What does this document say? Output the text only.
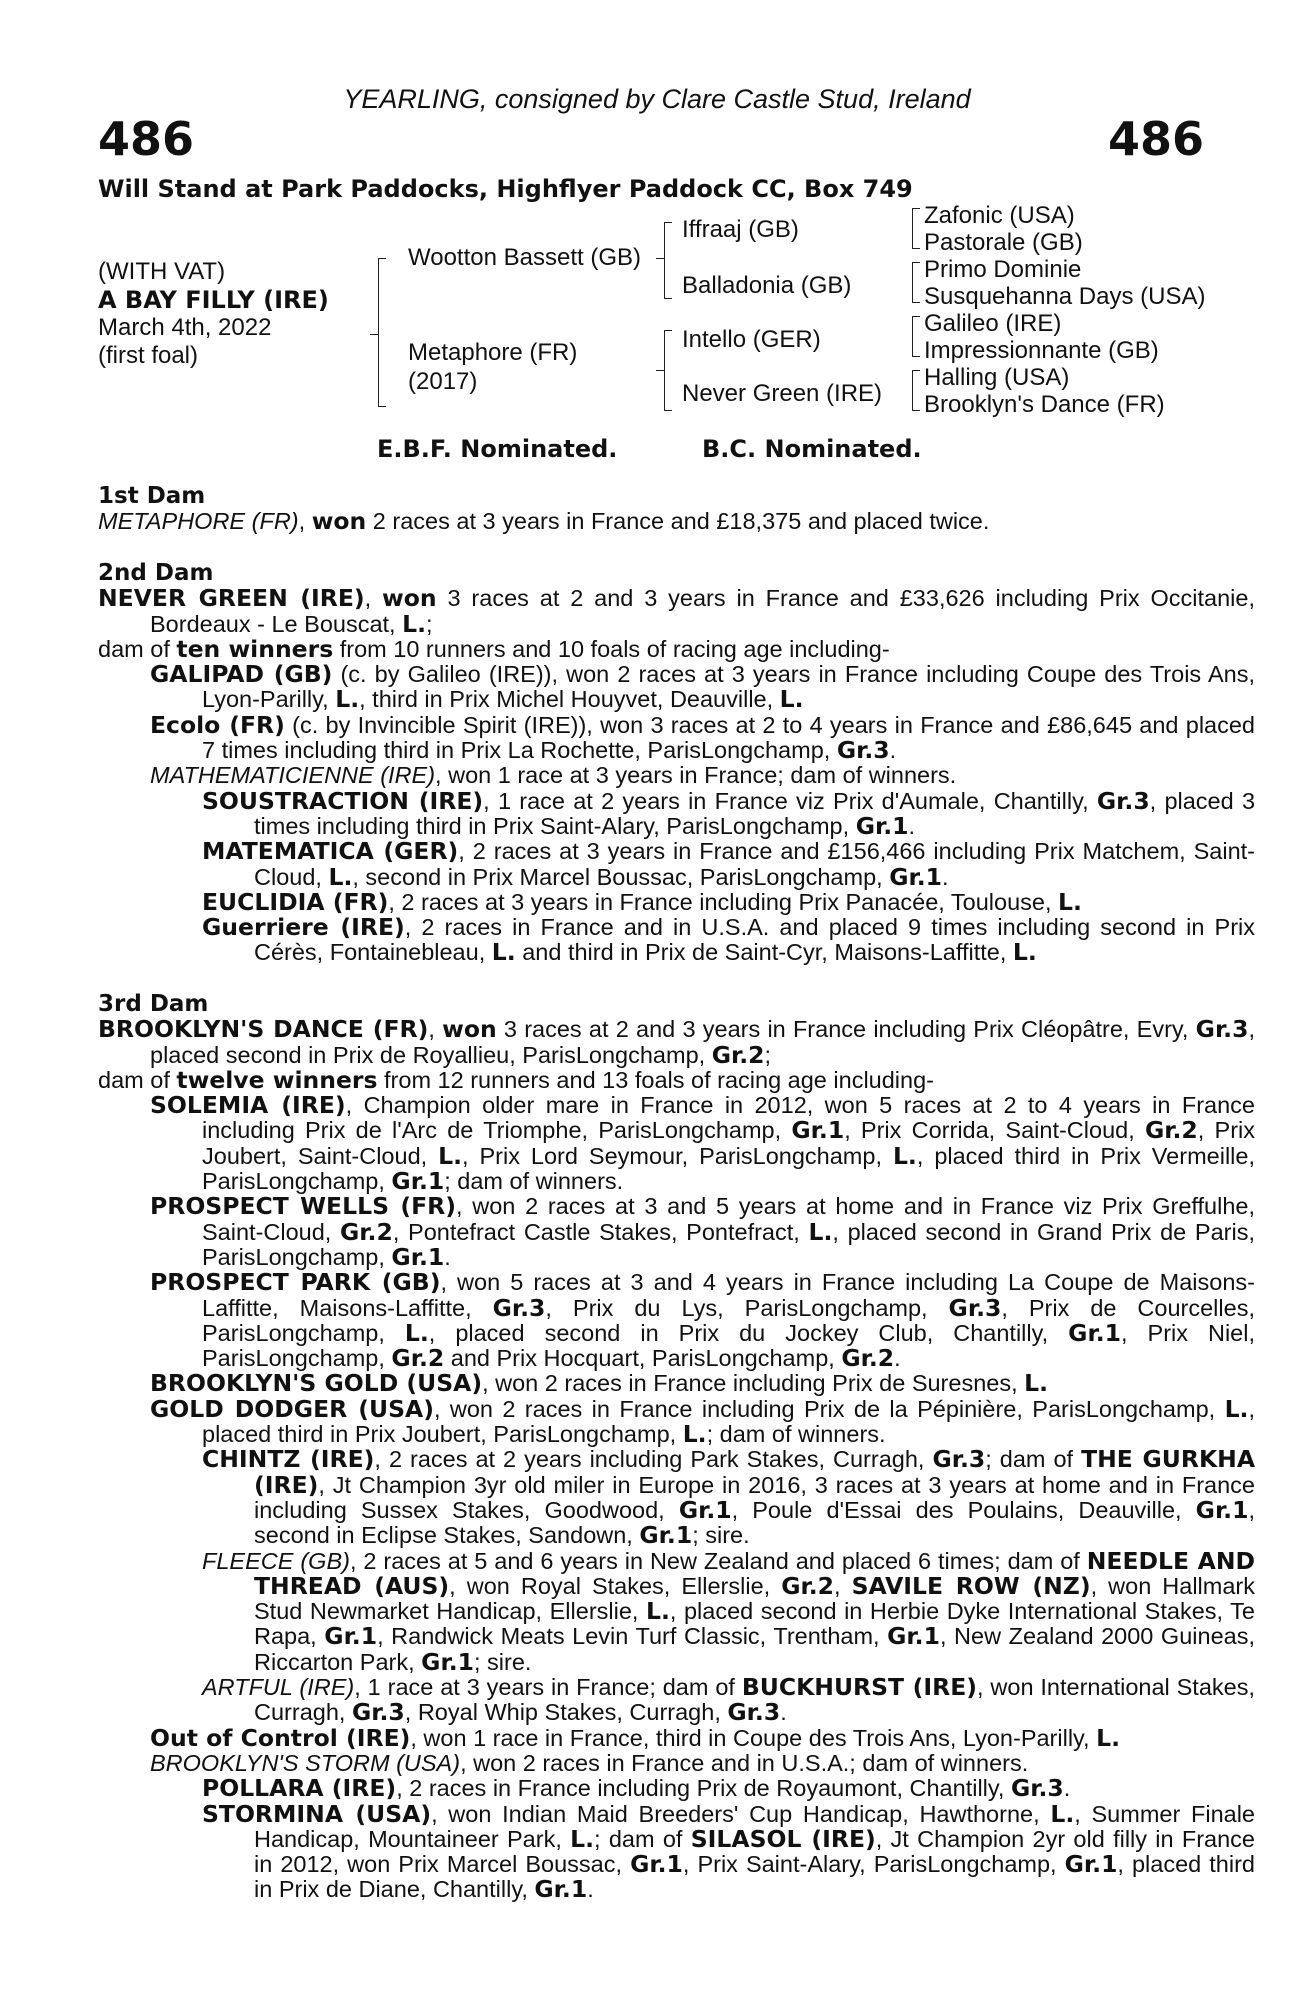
YEARLING, consigned by Clare Castle Stud, Ireland
486	486
Will Stand at Park Paddocks, Highflyer Paddock CC, Box 749
(WITH VAT)
A BAY FILLY (IRE)
March 4th, 2022
(first foal)
Wootton Bassett (GB)
Metaphore (FR)
(2017)
Iffraaj (GB)
Balladonia (GB)
Intello (GER)
Never Green (IRE)
Zafonic (USA)
Pastorale (GB)
Primo Dominie
Susquehanna Days (USA)
Galileo (IRE)
Impressionnante (GB)
Halling (USA)
Brooklyn's Dance (FR)
E.B.F. Nominated.	B.C. Nominated.
1st Dam
METAPHORE (FR), won 2 races at 3 years in France and £18,375 and placed twice.
2nd Dam
NEVER GREEN (IRE), won 3 races at 2 and 3 years in France and £33,626 including Prix Occitanie, Bordeaux - Le Bouscat, L.;
dam of ten winners from 10 runners and 10 foals of racing age including-
GALIPAD (GB) (c. by Galileo (IRE)), won 2 races at 3 years in France including Coupe des Trois Ans, Lyon-Parilly, L., third in Prix Michel Houyvet, Deauville, L.
Ecolo (FR) (c. by Invincible Spirit (IRE)), won 3 races at 2 to 4 years in France and £86,645 and placed 7 times including third in Prix La Rochette, ParisLongchamp, Gr.3.
MATHEMATICIENNE (IRE), won 1 race at 3 years in France; dam of winners.
SOUSTRACTION (IRE), 1 race at 2 years in France viz Prix d'Aumale, Chantilly, Gr.3, placed 3 times including third in Prix Saint-Alary, ParisLongchamp, Gr.1.
MATEMATICA (GER), 2 races at 3 years in France and £156,466 including Prix Matchem, Saint-Cloud, L., second in Prix Marcel Boussac, ParisLongchamp, Gr.1.
EUCLIDIA (FR), 2 races at 3 years in France including Prix Panacée, Toulouse, L.
Guerriere (IRE), 2 races in France and in U.S.A. and placed 9 times including second in Prix Cérès, Fontainebleau, L. and third in Prix de Saint-Cyr, Maisons-Laffitte, L.
3rd Dam
BROOKLYN'S DANCE (FR), won 3 races at 2 and 3 years in France including Prix Cléopâtre, Evry, Gr.3, placed second in Prix de Royallieu, ParisLongchamp, Gr.2;
dam of twelve winners from 12 runners and 13 foals of racing age including-
SOLEMIA (IRE), Champion older mare in France in 2012, won 5 races at 2 to 4 years in France including Prix de l'Arc de Triomphe, ParisLongchamp, Gr.1, Prix Corrida, Saint-Cloud, Gr.2, Prix Joubert, Saint-Cloud, L., Prix Lord Seymour, ParisLongchamp, L., placed third in Prix Vermeille, ParisLongchamp, Gr.1; dam of winners.
PROSPECT WELLS (FR), won 2 races at 3 and 5 years at home and in France viz Prix Greffulhe, Saint-Cloud, Gr.2, Pontefract Castle Stakes, Pontefract, L., placed second in Grand Prix de Paris, ParisLongchamp, Gr.1.
PROSPECT PARK (GB), won 5 races at 3 and 4 years in France including La Coupe de Maisons-Laffitte, Maisons-Laffitte, Gr.3, Prix du Lys, ParisLongchamp, Gr.3, Prix de Courcelles, ParisLongchamp, L., placed second in Prix du Jockey Club, Chantilly, Gr.1, Prix Niel, ParisLongchamp, Gr.2 and Prix Hocquart, ParisLongchamp, Gr.2.
BROOKLYN'S GOLD (USA), won 2 races in France including Prix de Suresnes, L.
GOLD DODGER (USA), won 2 races in France including Prix de la Pépinière, ParisLongchamp, L., placed third in Prix Joubert, ParisLongchamp, L.; dam of winners.
CHINTZ (IRE), 2 races at 2 years including Park Stakes, Curragh, Gr.3; dam of THE GURKHA (IRE), Jt Champion 3yr old miler in Europe in 2016, 3 races at 3 years at home and in France including Sussex Stakes, Goodwood, Gr.1, Poule d'Essai des Poulains, Deauville, Gr.1, second in Eclipse Stakes, Sandown, Gr.1; sire.
FLEECE (GB), 2 races at 5 and 6 years in New Zealand and placed 6 times; dam of NEEDLE AND THREAD (AUS), won Royal Stakes, Ellerslie, Gr.2, SAVILE ROW (NZ), won Hallmark Stud Newmarket Handicap, Ellerslie, L., placed second in Herbie Dyke International Stakes, Te Rapa, Gr.1, Randwick Meats Levin Turf Classic, Trentham, Gr.1, New Zealand 2000 Guineas, Riccarton Park, Gr.1; sire.
ARTFUL (IRE), 1 race at 3 years in France; dam of BUCKHURST (IRE), won International Stakes, Curragh, Gr.3, Royal Whip Stakes, Curragh, Gr.3.
Out of Control (IRE), won 1 race in France, third in Coupe des Trois Ans, Lyon-Parilly, L.
BROOKLYN'S STORM (USA), won 2 races in France and in U.S.A.; dam of winners.
POLLARA (IRE), 2 races in France including Prix de Royaumont, Chantilly, Gr.3.
STORMINA (USA), won Indian Maid Breeders' Cup Handicap, Hawthorne, L., Summer Finale Handicap, Mountaineer Park, L.; dam of SILASOL (IRE), Jt Champion 2yr old filly in France in 2012, won Prix Marcel Boussac, Gr.1, Prix Saint-Alary, ParisLongchamp, Gr.1, placed third in Prix de Diane, Chantilly, Gr.1.
